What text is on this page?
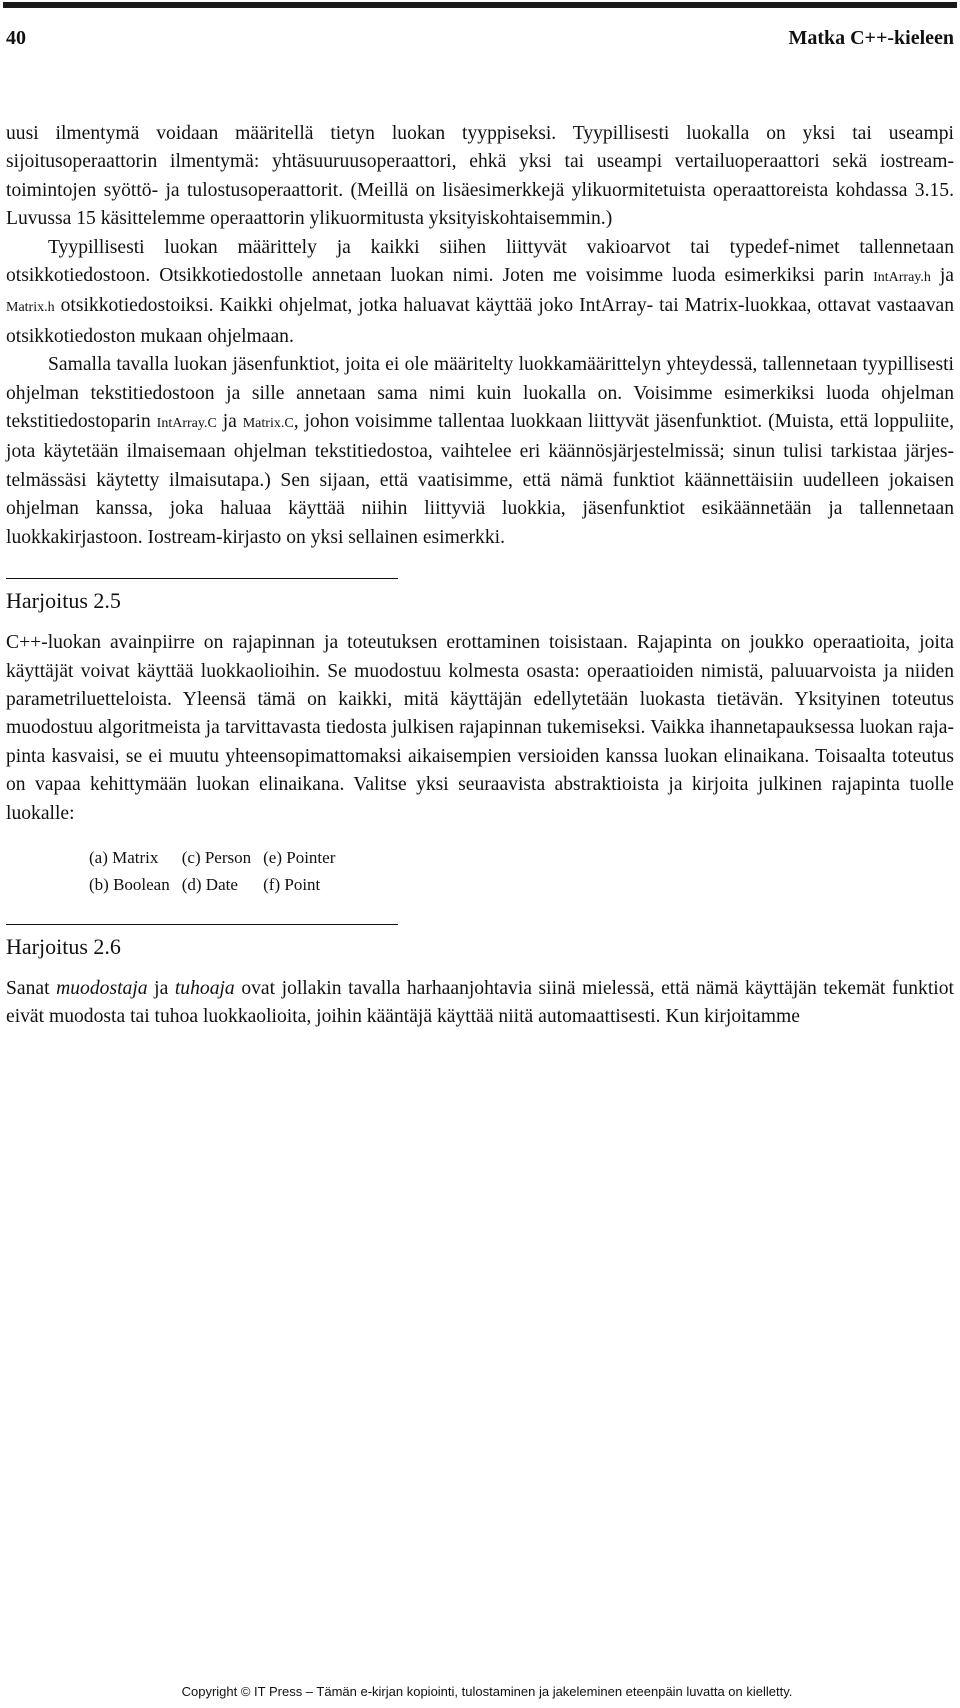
40	Matka C++-kieleen

uusi ilmentymä voidaan määritellä tietyn luokan tyyppiseksi. Tyypillisesti luokalla on yksi tai useampi sijoitusoperaattorin ilmentymä: yhtäsuuruusoperaattori, ehkä yksi tai useampi vertailuoperaattori sekä iostream-toimintojen syöttö- ja tulostusoperaattorit. (Meillä on lisäesimerkkejä ylikuormitetuista operaattoreista kohdassa 3.15. Luvussa 15 käsittelemme operaattorin ylikuormitusta yksityiskohtaisemmin.)

Tyypillisesti luokan määrittely ja kaikki siihen liittyvät vakioarvot tai typedef-nimet tallennetaan otsikkotiedostoon. Otsikkotiedostolle annetaan luokan nimi. Joten me voisimme luoda esimerkiksi parin IntArray.h ja Matrix.h otsikkotiedostoiksi. Kaikki ohjelmat, jotka haluavat käyttää joko IntArray- tai Matrix-luokkaa, ottavat vastaavan otsikkotiedoston mukaan ohjelmaan.

Samalla tavalla luokan jäsenfunktiot, joita ei ole määritelty luokkamäärittelyn yhteydessä, tallennetaan tyypillisesti ohjelman tekstitiedostoon ja sille annetaan sama nimi kuin luokalla on. Voisimme esimerkiksi luoda ohjelman tekstitiedostoparin IntArray.C ja Matrix.C, johon voisimme tallentaa luokkaan liittyvät jäsenfunktiot. (Muista, että loppuliite, jota käytetään ilmaisemaan ohjelman tekstitiedostoa, vaihtelee eri käännösjärjestelmissä; sinun tulisi tarkistaa järjestelmässäsi käytetty ilmaisutapa.) Sen sijaan, että vaatisimme, että nämä funktiot käännettäisiin uudelleen jokaisen ohjelman kanssa, joka haluaa käyttää niihin liittyviä luokkia, jäsenfunktiot esikäännetään ja tallennetaan luokkakirjastoon. Iostream-kirjasto on yksi sellainen esimerkki.

Harjoitus 2.5

C++-luokan avainpiirre on rajapinnan ja toteutuksen erottaminen toisistaan. Rajapinta on joukko operaatioita, joita käyttäjät voivat käyttää luokkaolioihin. Se muodostuu kolmesta osasta: operaatioiden nimistä, paluuarvoista ja niiden parametriluetteloista. Yleensä tämä on kaikki, mitä käyttäjän edellytetään luokasta tietävän. Yksityinen toteutus muodostuu algoritmeista ja tarvittavasta tiedosta julkisen rajapinnan tukemiseksi. Vaikka ihannetapauksessa luokan rajapinta kasvaisi, se ei muutu yhteensopimattomaksi aikaisempien versioiden kanssa luokan elinaikana. Toisaalta toteutus on vapaa kehittymään luokan elinaikana. Valitse yksi seuraavista abstraktioista ja kirjoita julkinen rajapinta tuolle luokalle:

(a) Matrix	(c) Person	(e) Pointer
(b) Boolean	(d) Date	(f) Point
Harjoitus 2.6

Sanat muodostaja ja tuhoaja ovat jollakin tavalla harhaanjohtavia siinä mielessä, että nämä käyttäjän tekemät funktiot eivät muodosta tai tuhoa luokkaolioita, joihin kääntäjä käyttää niitä automaattisesti. Kun kirjoitamme

Copyright © IT Press – Tämän e-kirjan kopiointi, tulostaminen ja jakeleminen eteenpäin luvatta on kielletty.
